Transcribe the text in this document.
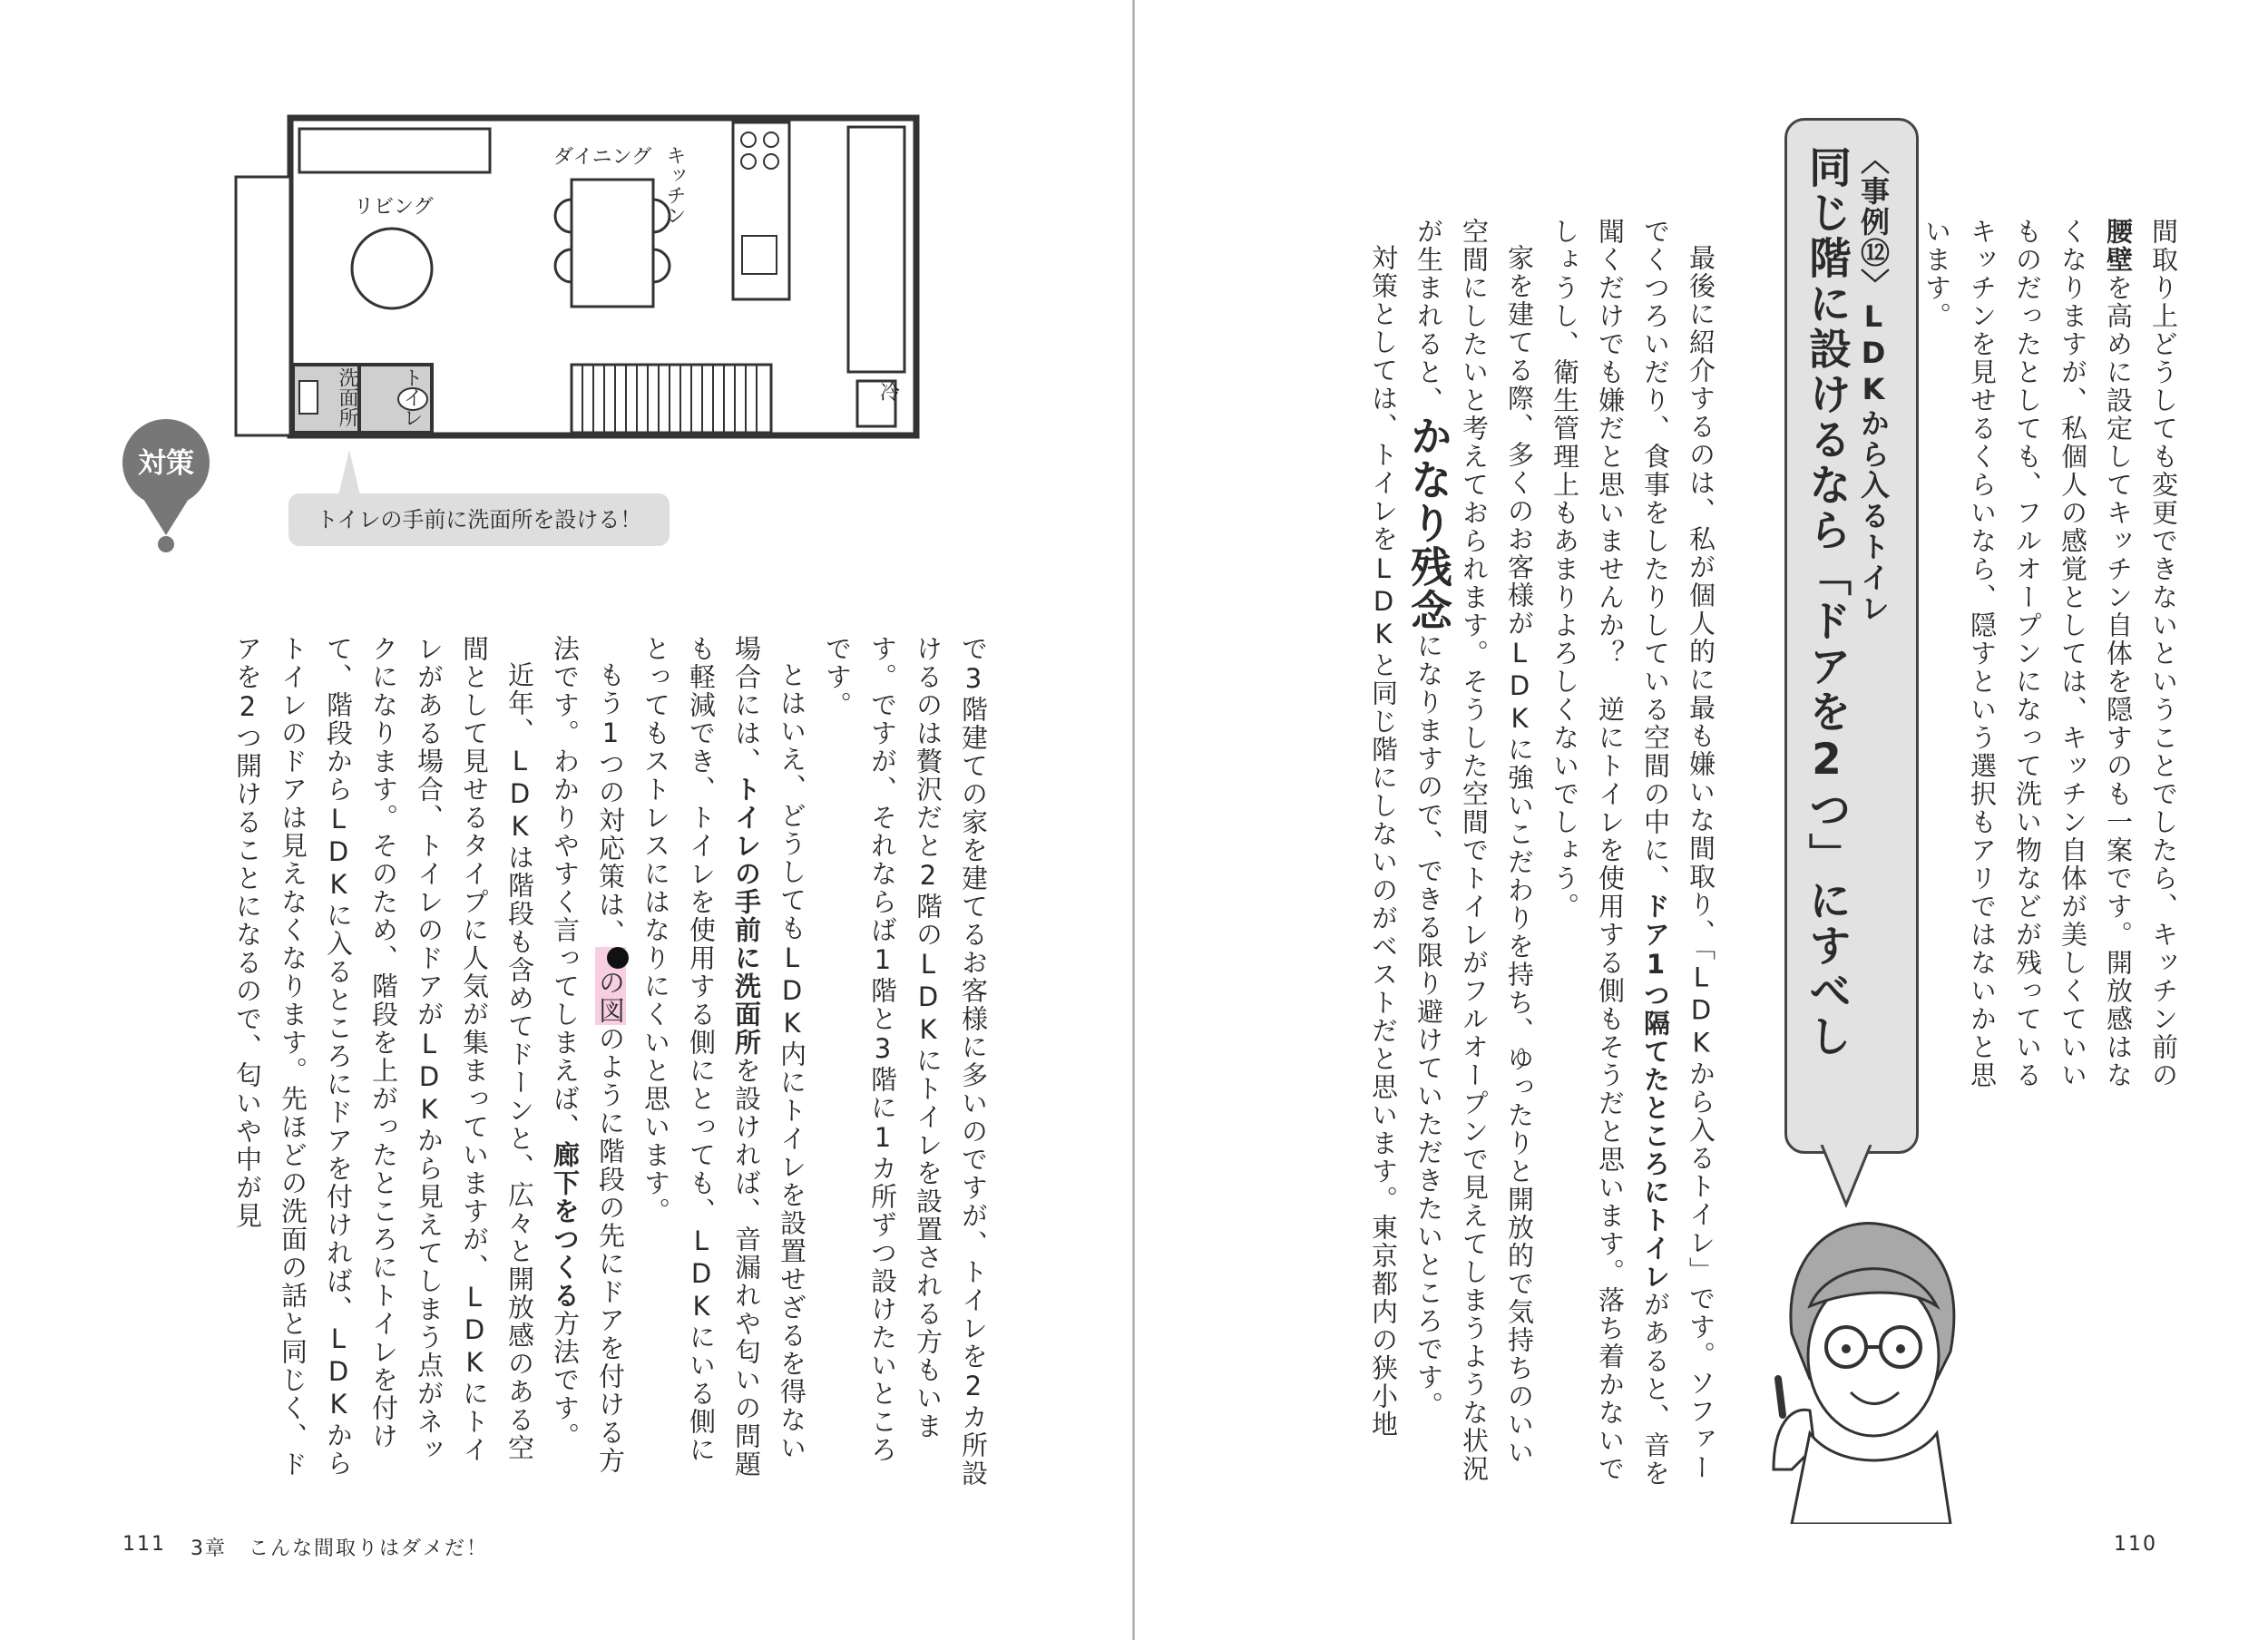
リビング
ダイニング
冷
キッチン
洗面所 トイレ
対策
トイレの手前に洗面所を設ける！

で3階建ての家を建てるお客様に多いのですが、トイレを2カ所設けるのは贅沢だと2階のLDKにトイレを設置される方もいます。ですが、それならば1階と3階に1カ所ずつ設けたいところです。

とはいえ、どうしてもLDK内にトイレを設置せざるを得ない場合には、トイレの手前に洗面所を設ければ、音漏れや匂いの問題も軽減でき、トイレを使用する側にとっても、LDKにいる側にとってもストレスにはなりにくいと思います。

もう1つの対応策は、の図のように階段の先にドアを付ける方法です。わかりやすく言ってしまえば、廊下をつくる方法です。

近年、LDKは階段も含めてドーンと、広々と開放感のある空間として見せるタイプに人気が集まっていますが、LDKにトイレがある場合、トイレのドアがLDKから見えてしまう点がネックになります。そのため、階段を上がったところにトイレを付けて、階段からLDKに入るところにドアを付ければ、LDKからトイレのドアは見えなくなります。先ほどの洗面の話と同じく、ドアを2つ開けることになるので、匂いや中が見

111 3章　こんな間取りはダメだ！

間取り上どうしても変更できないということでしたら、キッチン前の腰壁を高めに設定してキッチン自体を隠すのも一案です。開放感はなくなりますが、私個人の感覚としては、キッチン自体が美しくていいものだったとしても、フルオープンになって洗い物などが残っているキッチンを見せるくらいなら、隠すという選択もアリではないかと思います。

〈事例⑫〉LDKから入るトイレ
同じ階に設けるなら「ドアを2つ」にすべし

最後に紹介するのは、私が個人的に最も嫌いな間取り、「LDKから入るトイレ」です。ソファーでくつろいだり、食事をしたりしている空間の中に、ドア1つ隔てたところにトイレがあると、音を聞くだけでも嫌だと思いませんか？　逆にトイレを使用する側もそうだと思います。落ち着かないでしょうし、衛生管理上もあまりよろしくないでしょう。

家を建てる際、多くのお客様がLDKに強いこだわりを持ち、ゆったりと開放的で気持ちのいい空間にしたいと考えておられます。そうした空間でトイレがフルオープンで見えてしまうような状況が生まれると、かなり残念になりますので、できる限り避けていただきたいところです。

対策としては、トイレをLDKと同じ階にしないのがベストだと思います。東京都内の狭小地

110
